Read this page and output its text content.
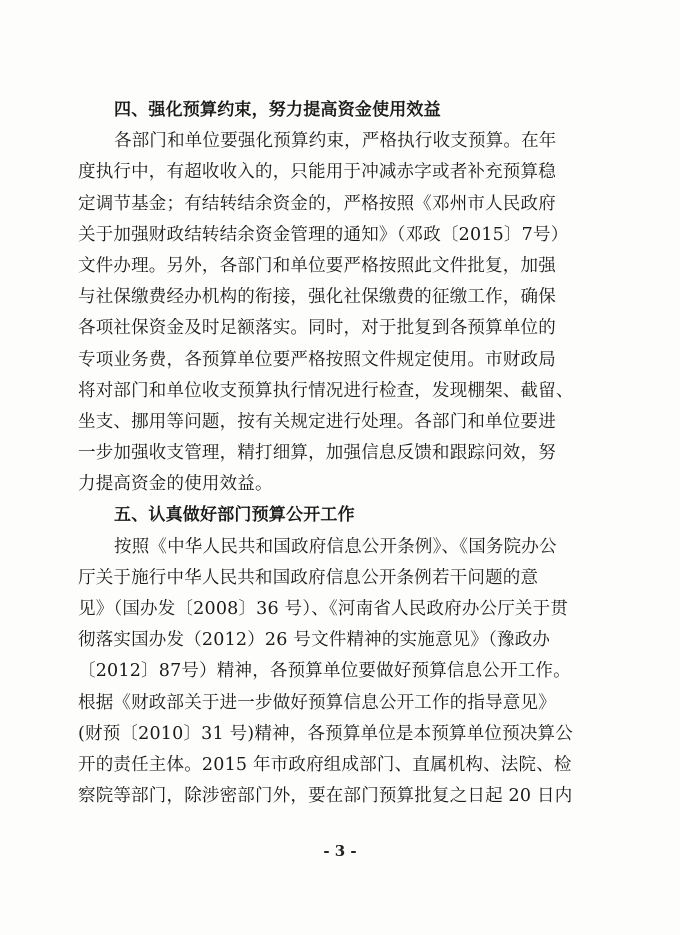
四、强化预算约束，努力提高资金使用效益
各部门和单位要强化预算约束，严格执行收支预算。在年
度执行中，有超收收入的，只能用于冲减赤字或者补充预算稳
定调节基金；有结转结余资金的，严格按照《邓州市人民政府
关于加强财政结转结余资金管理的通知》（邓政〔2015〕7号）
文件办理。另外，各部门和单位要严格按照此文件批复，加强
与社保缴费经办机构的衔接，强化社保缴费的征缴工作，确保
各项社保资金及时足额落实。同时，对于批复到各预算单位的
专项业务费，各预算单位要严格按照文件规定使用。市财政局
将对部门和单位收支预算执行情况进行检查，发现棚架、截留、
坐支、挪用等问题，按有关规定进行处理。各部门和单位要进
一步加强收支管理，精打细算，加强信息反馈和跟踪问效，努
力提高资金的使用效益。
五、认真做好部门预算公开工作
按照《中华人民共和国政府信息公开条例》、《国务院办公
厅关于施行中华人民共和国政府信息公开条例若干问题的意
见》（国办发〔2008〕36 号）、《河南省人民政府办公厅关于贯
彻落实国办发（2012）26 号文件精神的实施意见》（豫政办
〔2012〕87号）精神，各预算单位要做好预算信息公开工作。
根据《财政部关于进一步做好预算信息公开工作的指导意见》
(财预〔2010〕31 号)精神，各预算单位是本预算单位预决算公
开的责任主体。2015 年市政府组成部门、直属机构、法院、检
察院等部门，除涉密部门外，要在部门预算批复之日起 20 日内
- 3 -
